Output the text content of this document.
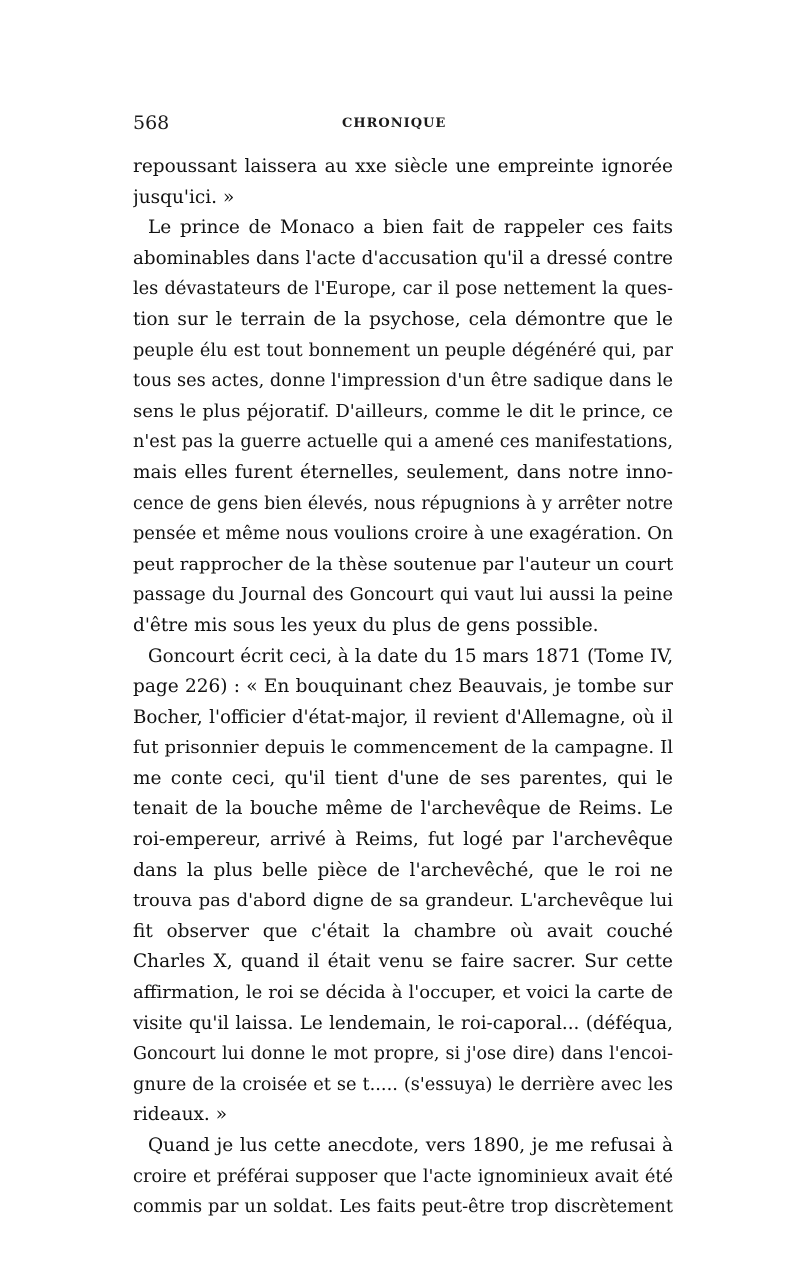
568	CHRONIQUE
repoussant laissera au xxe siècle une empreinte ignorée
jusqu'ici. »
Le prince de Monaco a bien fait de rappeler ces faits
abominables dans l'acte d'accusation qu'il a dressé contre
les dévastateurs de l'Europe, car il pose nettement la ques-
tion sur le terrain de la psychose, cela démontre que le
peuple élu est tout bonnement un peuple dégénéré qui, par
tous ses actes, donne l'impression d'un être sadique dans le
sens le plus péjoratif. D'ailleurs, comme le dit le prince, ce
n'est pas la guerre actuelle qui a amené ces manifestations,
mais elles furent éternelles, seulement, dans notre inno-
cence de gens bien élevés, nous répugnions à y arrêter notre
pensée et même nous voulions croire à une exagération. On
peut rapprocher de la thèse soutenue par l'auteur un court
passage du Journal des Goncourt qui vaut lui aussi la peine
d'être mis sous les yeux du plus de gens possible.
Goncourt écrit ceci, à la date du 15 mars 1871 (Tome IV,
page 226) : « En bouquinant chez Beauvais, je tombe sur
Bocher, l'officier d'état-major, il revient d'Allemagne, où il
fut prisonnier depuis le commencement de la campagne. Il
me conte ceci, qu'il tient d'une de ses parentes, qui le
tenait de la bouche même de l'archevêque de Reims. Le
roi-empereur, arrivé à Reims, fut logé par l'archevêque
dans la plus belle pièce de l'archevêché, que le roi ne
trouva pas d'abord digne de sa grandeur. L'archevêque lui
fit observer que c'était la chambre où avait couché
Charles X, quand il était venu se faire sacrer. Sur cette
affirmation, le roi se décida à l'occuper, et voici la carte de
visite qu'il laissa. Le lendemain, le roi-caporal... (déféqua,
Goncourt lui donne le mot propre, si j'ose dire) dans l'encoi-
gnure de la croisée et se t..... (s'essuya) le derrière avec les
rideaux. »
Quand je lus cette anecdote, vers 1890, je me refusai à
croire et préférai supposer que l'acte ignominieux avait été
commis par un soldat. Les faits peut-être trop discrètement
